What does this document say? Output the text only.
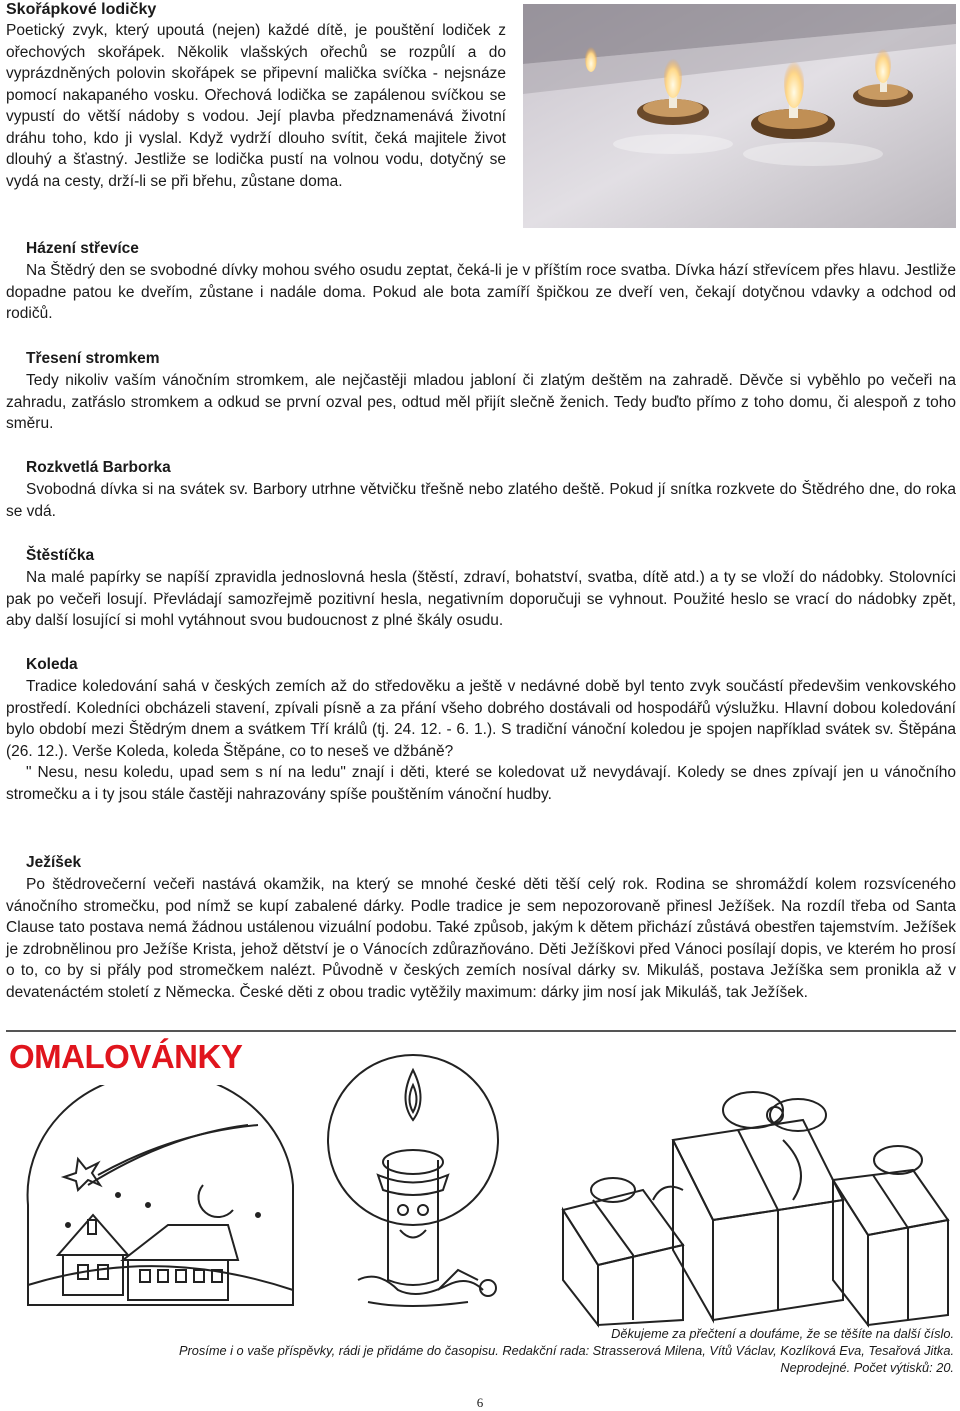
Skořápkové lodičky
Poetický zvyk, který upoutá (nejen) každé dítě, je pouštění lodiček z ořechových skořápek. Několik vlašských ořechů se rozpůlí a do vyprázdněných polovin skořápek se připevní malička svíčka - nejsnáze pomocí nakapaného vosku. Ořechová lodička se zapálenou svíčkou se vypustí do větší nádoby s vodou. Její plavba předznamenává životní dráhu toho, kdo ji vyslal. Když vydrží dlouho svítit, čeká majitele život dlouhý a šťastný. Jestliže se lodička pustí na volnou vodu, dotyčný se vydá na cesty, drží-li se při břehu, zůstane doma.
Házení střevíce
Na Štědrý den se svobodné dívky mohou svého osudu zeptat, čeká-li je v příštím roce svatba. Dívka hází střevícem přes hlavu. Jestliže dopadne patou ke dveřím, zůstane i nadále doma. Pokud ale bota zamíří špičkou ze dveří ven, čekají dotyčnou vdavky a odchod od rodičů.
Třesení stromkem
Tedy nikoliv vaším vánočním stromkem, ale nejčastěji mladou jabloní či zlatým deštěm na zahradě. Děvče si vyběhlo po večeři na zahradu, zatřáslo stromkem a odkud se první ozval pes, odtud měl přijít slečně ženich. Tedy buďto přímo z toho domu, či alespoň z toho směru.
Rozkvetlá Barborka
Svobodná dívka si na svátek sv. Barbory utrhne větvičku třešně nebo zlatého deště. Pokud jí snítka rozkvete do Štědrého dne, do roka se vdá.
Štěstíčka
Na malé papírky se napíší zpravidla jednoslovná hesla (štěstí, zdraví, bohatství, svatba, dítě atd.) a ty se vloží do nádobky. Stolovníci pak po večeři losují. Převládají samozřejmě pozitivní hesla, negativním doporučuji se vyhnout. Použité heslo se vrací do nádobky zpět, aby další losující si mohl vytáhnout svou budoucnost z plné škály osudu.
Koleda
Tradice koledování sahá v českých zemích až do středověku a ještě v nedávné době byl tento zvyk součástí předevšim venkovského prostředí. Koledníci obcházeli stavení, zpívali písně a za přání všeho dobrého dostávali od hospodářů výslužku. Hlavní dobou koledování bylo období mezi Štědrým dnem a svátkem Tří králů (tj. 24. 12. - 6. 1.). S tradiční vánoční koledou je spojen například svátek sv. Štěpána (26. 12.). Verše Koleda, koleda Štěpáne, co to neseš ve džbáně?
" Nesu, nesu koledu, upad sem s ní na ledu" znají i děti, které se koledovat už nevydávají. Koledy se dnes zpívají jen u vánočního stromečku a i ty jsou stále častěji nahrazovány spíše pouštěním vánoční hudby.
Ježíšek
Po štědrovečerní večeři nastává okamžik, na který se mnohé české děti těší celý rok. Rodina se shromáždí kolem rozsvíceného vánočního stromečku, pod nímž se kupí zabalené dárky. Podle tradice je sem nepozorovaně přinesl Ježíšek. Na rozdíl třeba od Santa Clause tato postava nemá žádnou ustálenou vizuální podobu. Také způsob, jakým k dětem přichází zůstává obestřen tajemstvím. Ježíšek je zdrobnělinou pro Ježíše Krista, jehož dětství je o Vánocích zdůrazňováno. Děti Ježíškovi před Vánoci posílají dopis, ve kterém ho prosí o to, co by si přály pod stromečkem nalézt. Původně v českých zemích nosíval dárky sv. Mikuláš, postava Ježíška sem pronikla až v devatenáctém století z Německa. České děti z obou tradic vytěžily maximum: dárky jim nosí jak Mikuláš, tak Ježíšek.
OMALOVÁNKY
Děkujeme za přečtení a doufáme, že se těšíte na další číslo.
Prosíme i o vaše příspěvky, rádi je přidáme do časopisu. Redakční rada: Strasserová Milena, Vítů Václav, Kozlíková Eva, Tesařová Jitka.
Neprodejné. Počet výtisků: 20.
6
